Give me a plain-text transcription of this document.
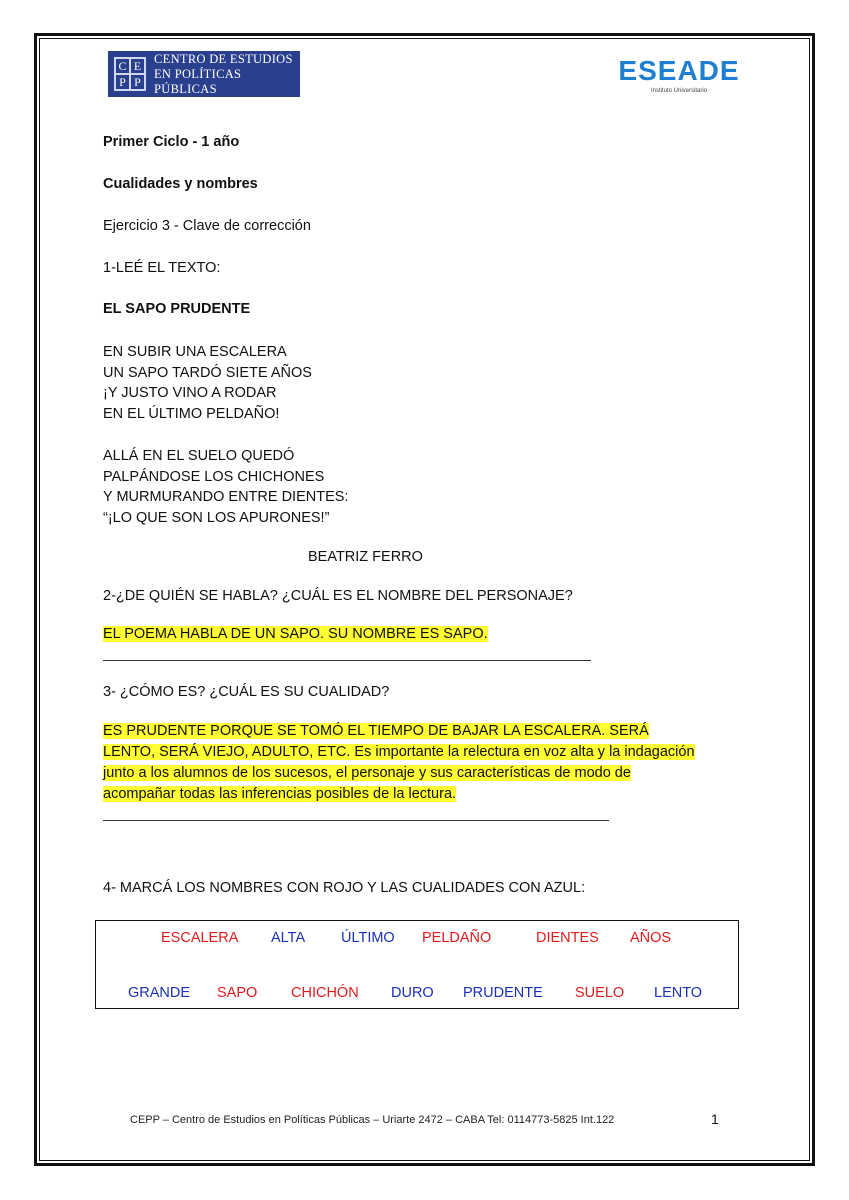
C E
P P
CENTRO DE ESTUDIOS
EN POLÍTICAS PÚBLICAS
ESEADE
Instituto Universitario
Primer Ciclo - 1 año
Cualidades y nombres
Ejercicio 3 - Clave de corrección
1-LEÉ EL TEXTO:
EL SAPO PRUDENTE
EN SUBIR UNA ESCALERA
UN SAPO TARDÓ SIETE AÑOS
¡Y JUSTO VINO A RODAR
EN EL ÚLTIMO PELDAÑO!
ALLÁ EN EL SUELO QUEDÓ
PALPÁNDOSE LOS CHICHONES
Y MURMURANDO ENTRE DIENTES:
“¡LO QUE SON LOS APURONES!”
BEATRIZ FERRO
2-¿DE QUIÉN SE HABLA? ¿CUÁL ES EL NOMBRE DEL PERSONAJE?
EL POEMA HABLA DE UN SAPO. SU NOMBRE ES SAPO.
3- ¿CÓMO ES? ¿CUÁL ES SU CUALIDAD?
ES PRUDENTE PORQUE SE TOMÓ EL TIEMPO DE BAJAR LA ESCALERA. SERÁ
LENTO, SERÁ VIEJO, ADULTO, ETC. Es importante la relectura en voz alta y la indagación
junto a los alumnos de los sucesos, el personaje y sus características de modo de
acompañar todas las inferencias posibles de la lectura.
4- MARCÁ LOS NOMBRES CON ROJO Y LAS CUALIDADES CON AZUL:
ESCALERA ALTA ÚLTIMO PELDAÑO	DIENTES AÑOS
GRANDE SAPO CHICHÓN DURO PRUDENTE SUELO LENTO
CEPP – Centro de Estudios en Políticas Públicas – Uriarte 2472 – CABA Tel: 0114773-5825 Int.122	1
